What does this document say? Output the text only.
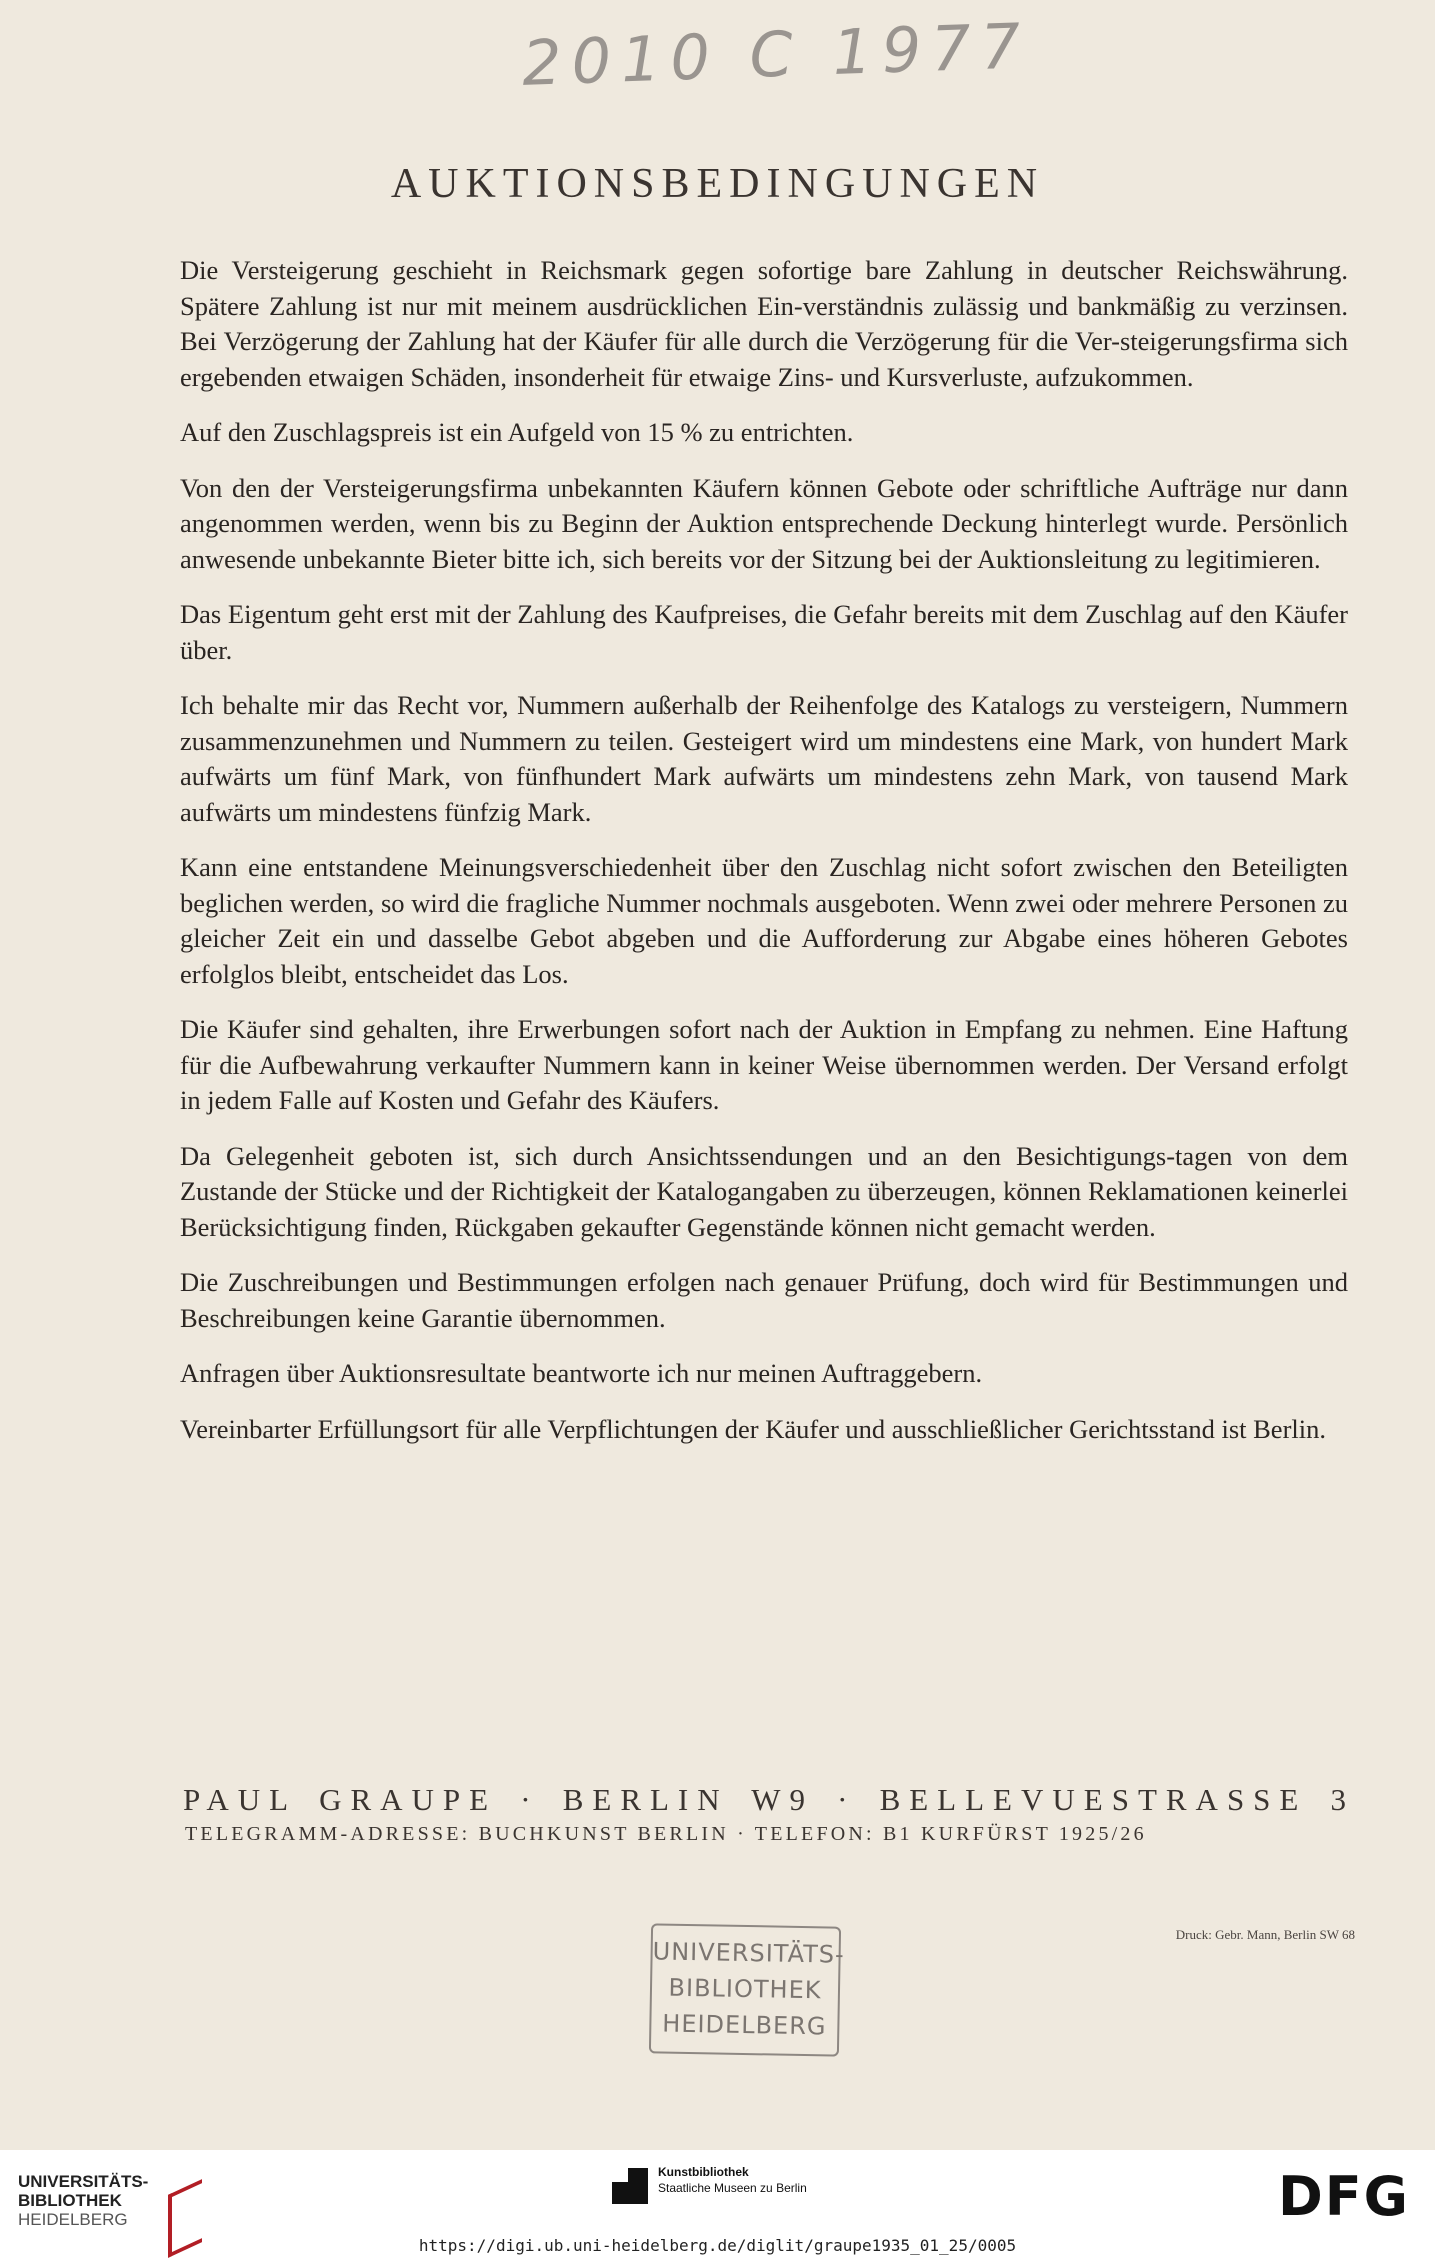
2010 C 1977
AUKTIONSBEDINGUNGEN

Die Versteigerung geschieht in Reichsmark gegen sofortige bare Zahlung in deutscher Reichswährung. Spätere Zahlung ist nur mit meinem ausdrücklichen Ein-verständnis zulässig und bankmäßig zu verzinsen. Bei Verzögerung der Zahlung hat der Käufer für alle durch die Verzögerung für die Ver-steigerungsfirma sich ergebenden etwaigen Schäden, insonderheit für etwaige Zins- und Kursverluste, aufzukommen.

Auf den Zuschlagspreis ist ein Aufgeld von 15 % zu entrichten.

Von den der Versteigerungsfirma unbekannten Käufern können Gebote oder schriftliche Aufträge nur dann angenommen werden, wenn bis zu Beginn der Auktion entsprechende Deckung hinterlegt wurde. Persönlich anwesende unbekannte Bieter bitte ich, sich bereits vor der Sitzung bei der Auktionsleitung zu legitimieren.

Das Eigentum geht erst mit der Zahlung des Kaufpreises, die Gefahr bereits mit dem Zuschlag auf den Käufer über.

Ich behalte mir das Recht vor, Nummern außerhalb der Reihenfolge des Katalogs zu versteigern, Nummern zusammenzunehmen und Nummern zu teilen. Gesteigert wird um mindestens eine Mark, von hundert Mark aufwärts um fünf Mark, von fünfhundert Mark aufwärts um mindestens zehn Mark, von tausend Mark aufwärts um mindestens fünfzig Mark.

Kann eine entstandene Meinungsverschiedenheit über den Zuschlag nicht sofort zwischen den Beteiligten beglichen werden, so wird die fragliche Nummer nochmals ausgeboten. Wenn zwei oder mehrere Personen zu gleicher Zeit ein und dasselbe Gebot abgeben und die Aufforderung zur Abgabe eines höheren Gebotes erfolglos bleibt, entscheidet das Los.

Die Käufer sind gehalten, ihre Erwerbungen sofort nach der Auktion in Empfang zu nehmen. Eine Haftung für die Aufbewahrung verkaufter Nummern kann in keiner Weise übernommen werden. Der Versand erfolgt in jedem Falle auf Kosten und Gefahr des Käufers.

Da Gelegenheit geboten ist, sich durch Ansichtssendungen und an den Besichtigungs-tagen von dem Zustande der Stücke und der Richtigkeit der Katalogangaben zu überzeugen, können Reklamationen keinerlei Berücksichtigung finden, Rückgaben gekaufter Gegenstände können nicht gemacht werden.

Die Zuschreibungen und Bestimmungen erfolgen nach genauer Prüfung, doch wird für Bestimmungen und Beschreibungen keine Garantie übernommen.

Anfragen über Auktionsresultate beantworte ich nur meinen Auftraggebern.

Vereinbarter Erfüllungsort für alle Verpflichtungen der Käufer und ausschließlicher Gerichtsstand ist Berlin.

PAUL GRAUPE · BERLIN W9 · BELLEVUESTRASSE 3
TELEGRAMM-ADRESSE: BUCHKUNST BERLIN · TELEFON: B1 KURFÜRST 1925/26
UNIVERSITÄTS-
BIBLIOTHEK
HEIDELBERG
Druck: Gebr. Mann, Berlin SW 68
UNIVERSITÄTS-
BIBLIOTHEK
HEIDELBERG
Kunstbibliothek
Staatliche Museen zu Berlin	DFG
https://digi.ub.uni-heidelberg.de/diglit/graupe1935_01_25/0005
